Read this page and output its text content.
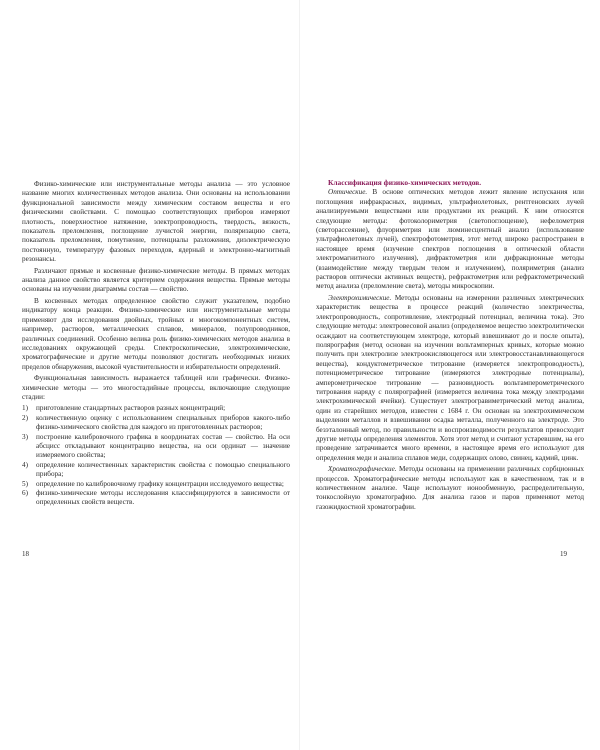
Физико-химические или инструментальные методы анализа — это условное название многих количественных методов анализа. Они основаны на использовании функциональной зависимости между химическим составом вещества и его физическими свойствами. С помощью соответствующих приборов измеряют плотность, поверхностное натяжение, электропроводность, твердость, вязкость, показатель преломления, поглощение лучистой энергии, поляризацию света, показатель преломления, помутнение, потенциалы разложения, диэлектрическую постоянную, температуру фазовых переходов, ядерный и электронно-магнитный резонансы.

Различают прямые и косвенные физико-химические методы. В прямых методах анализа данное свойство является критерием содержания вещества. Прямые методы основаны на изучении диаграммы состав — свойство.

В косвенных методах определенное свойство служит указателем, подобно индикатору конца реакции. Физико-химические или инструментальные методы применяют для исследования двойных, тройных и многокомпонентных систем, например, растворов, металлических сплавов, минералов, полупроводников, различных соединений. Особенно велика роль физико-химических методов анализа в исследованиях окружающей среды. Спектроскопические, электрохимические, хроматографические и другие методы позволяют достигать необходимых низких пределов обнаружения, высокой чувствительности и избирательности определений.

Функциональная зависимость выражается таблицей или графически. Физико-химические методы — это многостадийные процессы, включающие следующие стадии:

1) приготовление стандартных растворов разных концентраций;
2) количественную оценку с использованием специальных приборов какого-либо физико-химического свойства для каждого из приготовленных растворов;
3) построение калибровочного графика в координатах состав — свойство. На оси абсцисс откладывают концентрацию вещества, на оси ординат — значение измеряемого свойства;
4) определение количественных характеристик свойства с помощью специального прибора;
5) определение по калибровочному графику концентрации исследуемого вещества;
6) физико-химические методы исследования классифицируются в зависимости от определенных свойств веществ.
18

Классификация физико-химических методов.

Оптические. В основе оптических методов лежит явление испускания или поглощения инфракрасных, видимых, ультрафиолетовых, рентгеновских лучей анализируемыми веществами или продуктами их реакций. К ним относятся следующие методы: фотоколориметрия (светопоглощение), нефелометрия (светорассеяние), флуориметрия или люминесцентный анализ (использование ультрафиолетовых лучей), спектрофотометрия, этот метод широко распространен в настоящее время (изучение спектров поглощения в оптической области электромагнитного излучения), дифрактометрия или дифракционные методы (взаимодействие между твердым телом и излучением), поляриметрия (анализ растворов оптически активных веществ), рефрактометрия или рефрактометрический метод анализа (преломление света), методы микроскопии.

Электрохимические. Методы основаны на измерении различных электрических характеристик вещества в процессе реакций (количество электричества, электропроводность, сопротивление, электродный потенциал, величина тока). Это следующие методы: электровесовой анализ (определяемое вещество электролитически осаждают на соответствующем электроде, который взвешивают до и после опыта), полярография (метод основан на изучении вольтамперных кривых, которые можно получить при электролизе электроокисляющегося или электровосстанавливающегося вещества), кондуктометрическое титрование (измеряется электропроводность), потенциометрическое титрование (измеряются электродные потенциалы), амперометрическое титрование — разновидность вольтамперометрического титрования наряду с полярографией (измеряется величина тока между электродами электрохимической ячейки). Существует электрогравиметрический метод анализа, один из старейших методов, известен с 1684 г. Он основан на электрохимическом выделении металлов и взвешивании осадка металла, полученного на электроде. Это безэталонный метод, по правильности и воспроизводимости результатов превосходит другие методы определения элементов. Хотя этот метод и считают устаревшим, на его проведение затрачивается много времени, в настоящее время его используют для определения меди и анализа сплавов меди, содержащих олово, свинец, кадмий, цинк.

Хроматографические. Методы основаны на применении различных сорбционных процессов. Хроматографические методы используют как в качественном, так и в количественном анализе. Чаще используют ионообменную, распределительную, тонкослойную хроматографию. Для анализа газов и паров применяют метод газожидкостной хроматографии.

19
